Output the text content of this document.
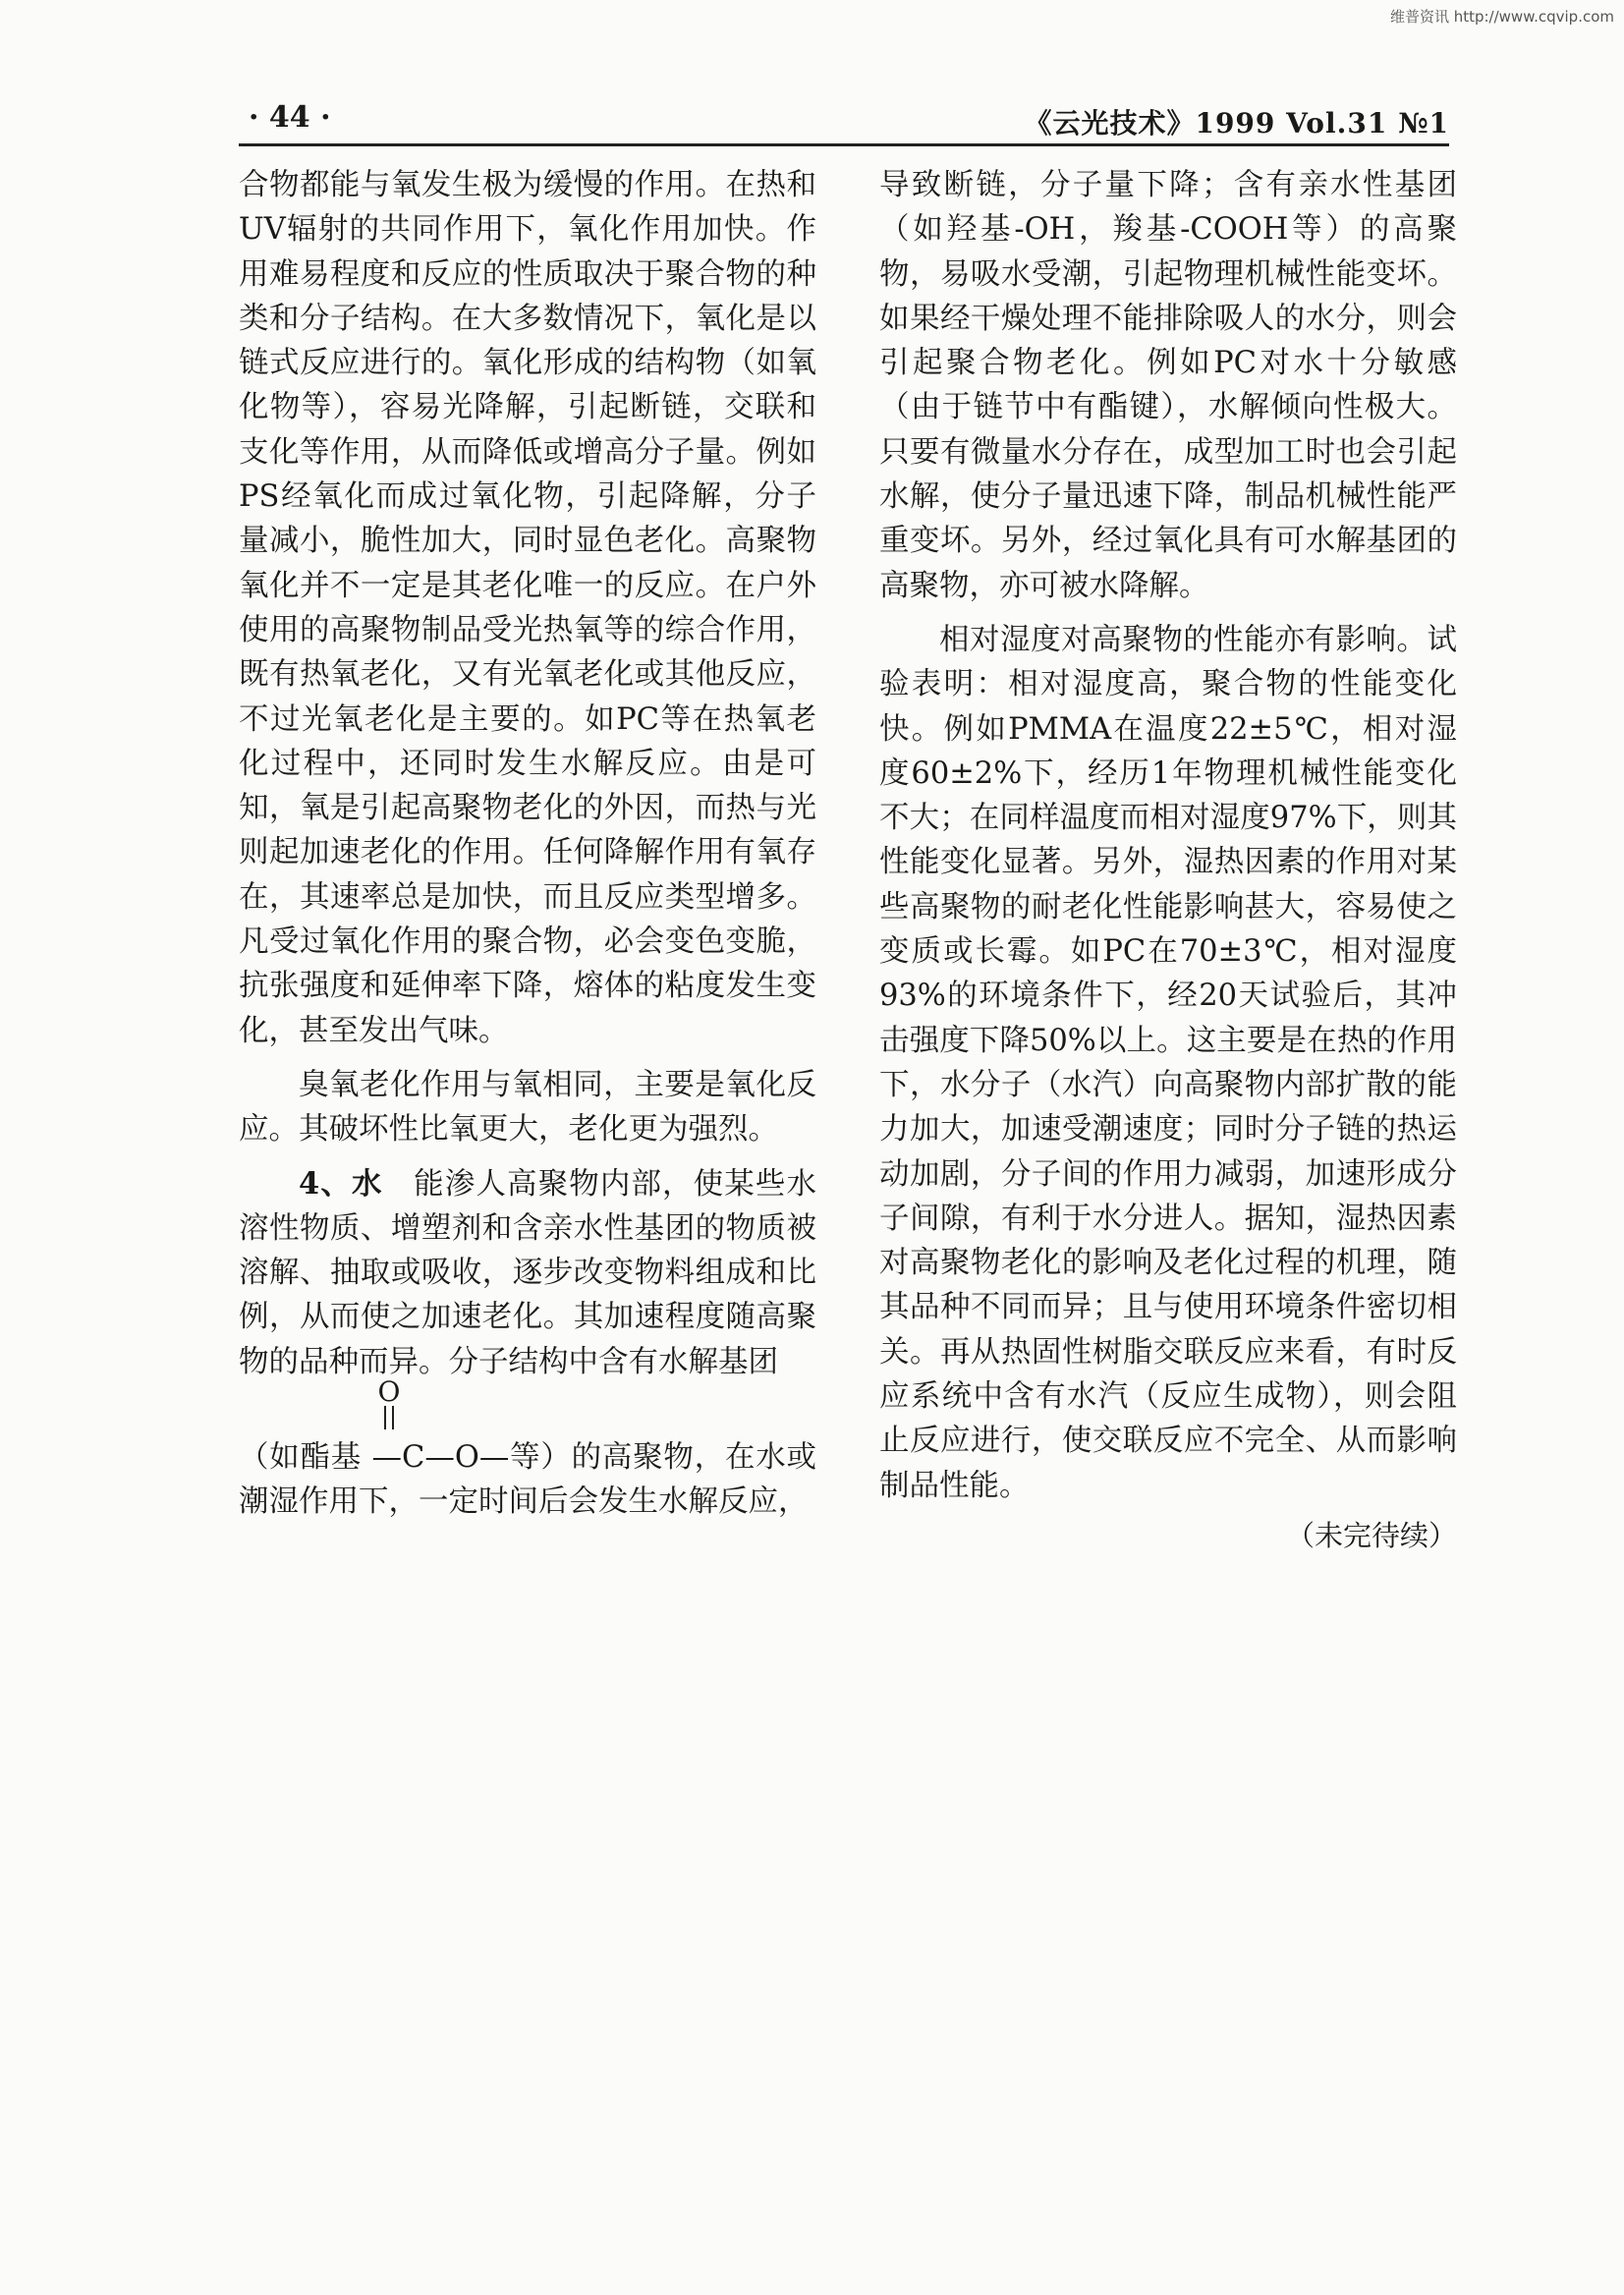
维普资讯 http://www.cqvip.com
· 44 ·	《云光技术》1999 Vol.31 №1

合物都能与氧发生极为缓慢的作用。在热和UV辐射的共同作用下，氧化作用加快。作用难易程度和反应的性质取决于聚合物的种类和分子结构。在大多数情况下，氧化是以链式反应进行的。氧化形成的结构物（如氧化物等），容易光降解，引起断链，交联和支化等作用，从而降低或增高分子量。例如PS经氧化而成过氧化物，引起降解，分子量减小，脆性加大，同时显色老化。高聚物氧化并不一定是其老化唯一的反应。在户外使用的高聚物制品受光热氧等的综合作用，既有热氧老化，又有光氧老化或其他反应，不过光氧老化是主要的。如PC等在热氧老化过程中，还同时发生水解反应。由是可知，氧是引起高聚物老化的外因，而热与光则起加速老化的作用。任何降解作用有氧存在，其速率总是加快，而且反应类型增多。凡受过氧化作用的聚合物，必会变色变脆，抗张强度和延伸率下降，熔体的粘度发生变化，甚至发出气味。

臭氧老化作用与氧相同，主要是氧化反应。其破坏性比氧更大，老化更为强烈。

4、水  能渗人高聚物内部，使某些水溶性物质、增塑剂和含亲水性基团的物质被溶解、抽取或吸收，逐步改变物料组成和比例，从而使之加速老化。其加速程度随高聚物的品种而异。分子结构中含有水解基团

O
（如酯基 —C—O—等）的高聚物，在水或潮湿作用下，一定时间后会发生水解反应，

导致断链，分子量下降；含有亲水性基团（如羟基-OH，羧基-COOH等）的高聚物，易吸水受潮，引起物理机械性能变坏。如果经干燥处理不能排除吸人的水分，则会引起聚合物老化。例如PC对水十分敏感（由于链节中有酯键），水解倾向性极大。只要有微量水分存在，成型加工时也会引起水解，使分子量迅速下降，制品机械性能严重变坏。另外，经过氧化具有可水解基团的高聚物，亦可被水降解。

相对湿度对高聚物的性能亦有影响。试验表明：相对湿度高，聚合物的性能变化快。例如PMMA在温度22±5℃，相对湿度60±2%下，经历1年物理机械性能变化不大；在同样温度而相对湿度97%下，则其性能变化显著。另外，湿热因素的作用对某些高聚物的耐老化性能影响甚大，容易使之变质或长霉。如PC在70±3℃，相对湿度93%的环境条件下，经20天试验后，其冲击强度下降50%以上。这主要是在热的作用下，水分子（水汽）向高聚物内部扩散的能力加大，加速受潮速度；同时分子链的热运动加剧，分子间的作用力减弱，加速形成分子间隙，有利于水分进人。据知，湿热因素对高聚物老化的影响及老化过程的机理，随其品种不同而异；且与使用环境条件密切相关。再从热固性树脂交联反应来看，有时反应系统中含有水汽（反应生成物），则会阻止反应进行，使交联反应不完全、从而影响制品性能。

（未完待续）
